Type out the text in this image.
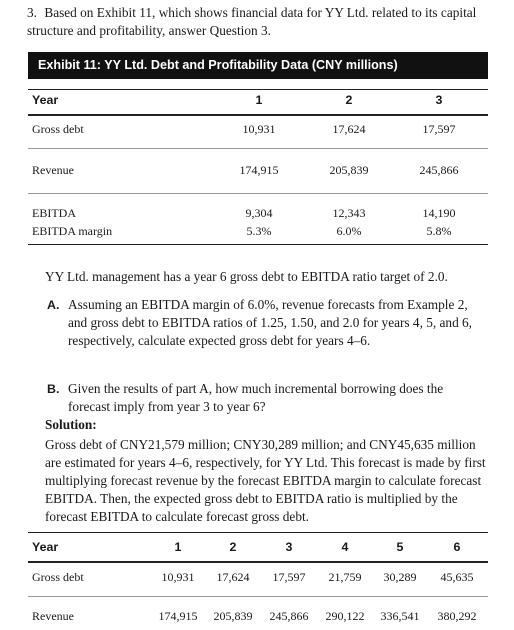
3. Based on Exhibit 11, which shows financial data for YY Ltd. related to its capital structure and profitability, answer Question 3.
Exhibit 11: YY Ltd. Debt and Profitability Data (CNY millions)
Year	1	2	3
Gross debt	10,931	17,624	17,597
Revenue	174,915	205,839	245,866
EBITDA	9,304	12,343	14,190
EBITDA margin	5.3%	6.0%	5.8%
YY Ltd. management has a year 6 gross debt to EBITDA ratio target of 2.0.
A. Assuming an EBITDA margin of 6.0%, revenue forecasts from Example 2, and gross debt to EBITDA ratios of 1.25, 1.50, and 2.0 for years 4, 5, and 6, respectively, calculate expected gross debt for years 4–6.
B. Given the results of part A, how much incremental borrowing does the forecast imply from year 3 to year 6?
Solution:
Gross debt of CNY21,579 million; CNY30,289 million; and CNY45,635 million are estimated for years 4–6, respectively, for YY Ltd. This forecast is made by first multiplying forecast revenue by the forecast EBITDA margin to calculate forecast EBITDA. Then, the expected gross debt to EBITDA ratio is multiplied by the forecast EBITDA to calculate forecast gross debt.
Year	1	2	3	4	5	6
Gross debt	10,931	17,624	17,597	21,759	30,289	45,635
Revenue	174,915	205,839	245,866	290,122	336,541	380,292
